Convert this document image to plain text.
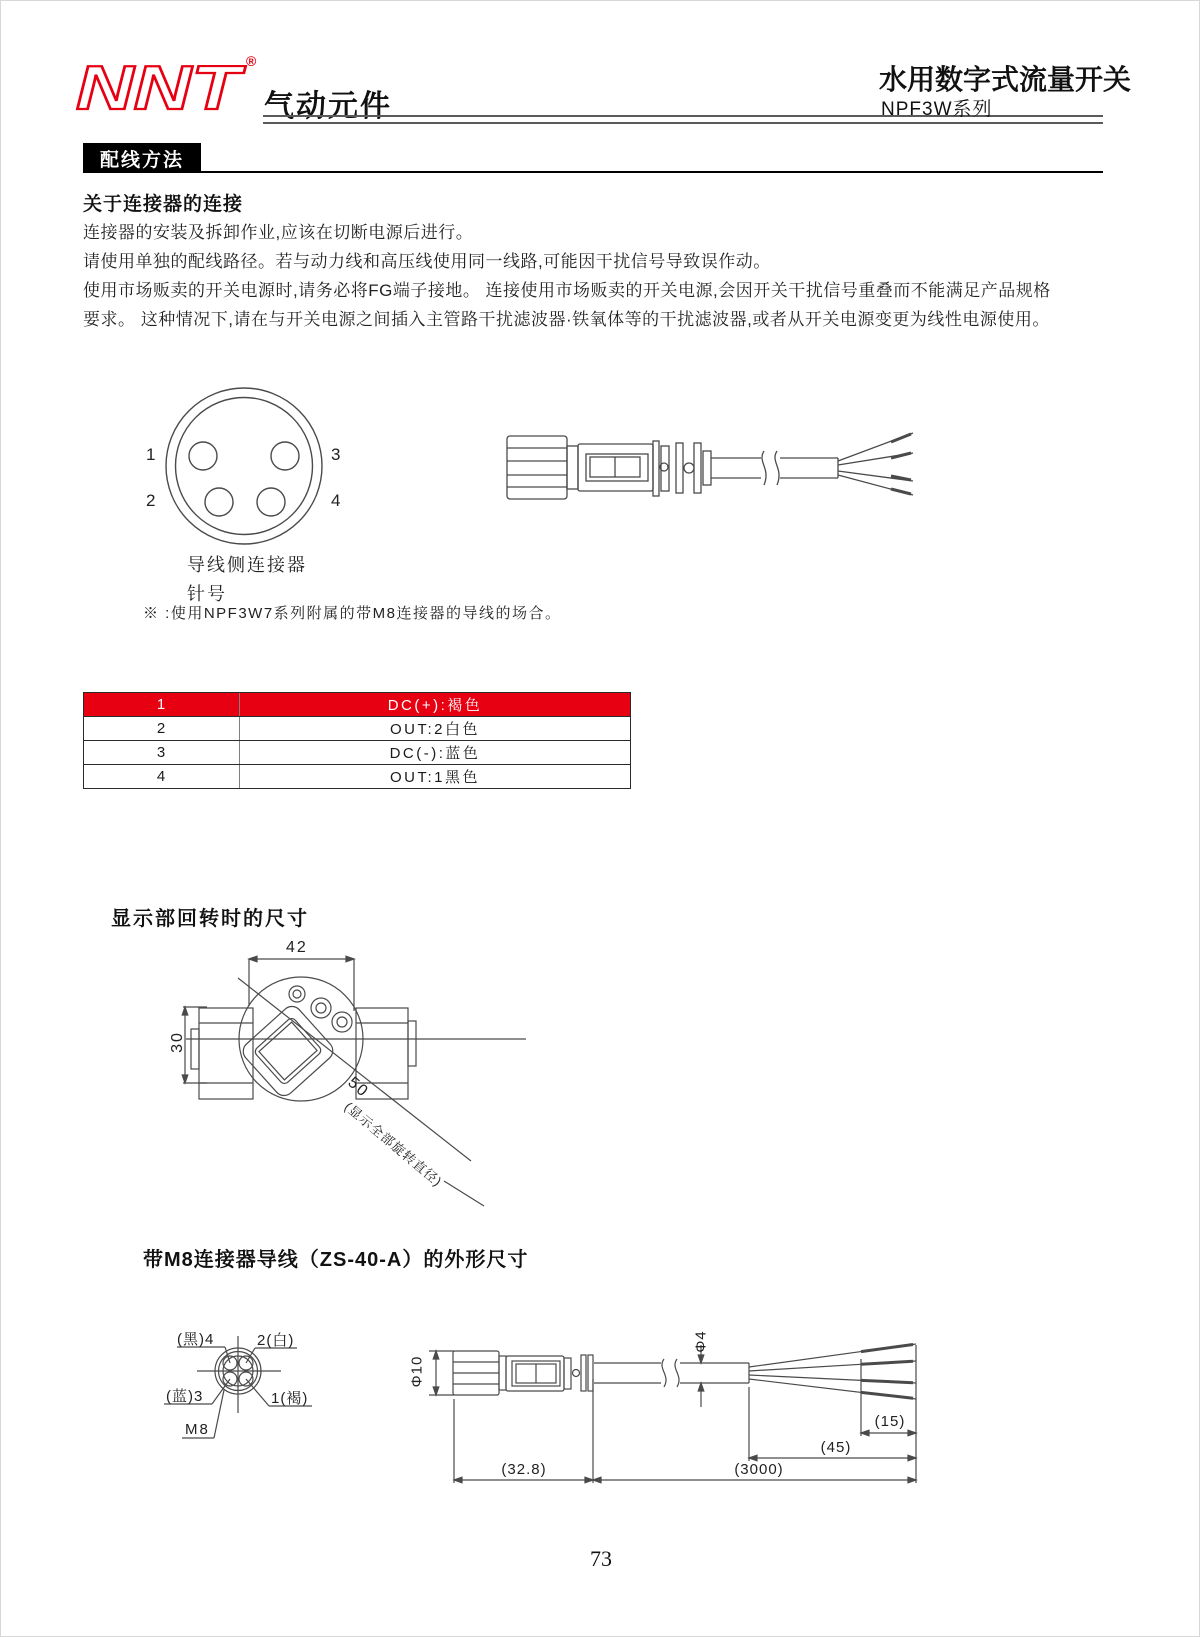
NNT ®
气动元件
水用数字式流量开关
NPF3W系列
配线方法
关于连接器的连接
连接器的安装及拆卸作业,应该在切断电源后进行。
请使用单独的配线路径。若与动力线和高压线使用同一线路,可能因干扰信号导致误作动。
使用市场贩卖的开关电源时,请务必将FG端子接地。 连接使用市场贩卖的开关电源,会因开关干扰信号重叠而不能满足产品规格
要求。 这种情况下,请在与开关电源之间插入主管路干扰滤波器·铁氧体等的干扰滤波器,或者从开关电源变更为线性电源使用。
1
2
3
4
导线侧连接器
针号
※ :使用NPF3W7系列附属的带M8连接器的导线的场合。
1	DC(+):褐色
2	OUT:2白色
3	DC(-):蓝色
4	OUT:1黑色
显示部回转时的尺寸
42
30
50
(显示全部旋转直径)
带M8连接器导线（ZS-40-A）的外形尺寸
(黑)4	2(白)
(蓝)3	1(褐)
M8
Φ10
Φ4
(15)
(45)
(32.8)	(3000)
73
